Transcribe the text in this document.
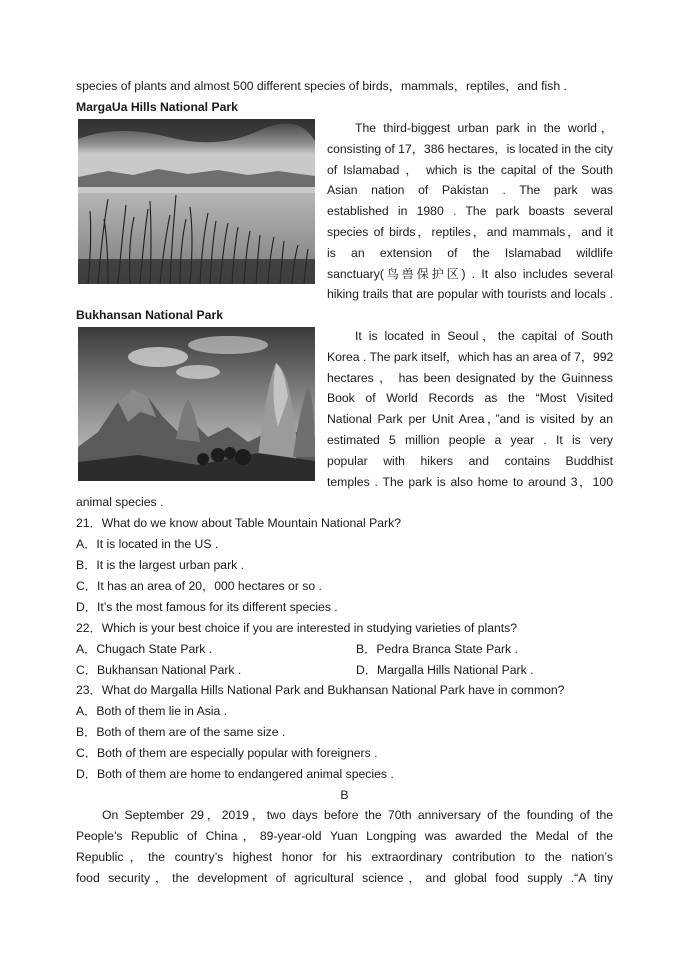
species of plants and almost 500 different species of birds，mammals，reptiles，and fish .
MargaUa Hills National Park
The third-biggest urban park in the world，
consisting of 17，386 hectares，is located in the city
of Islamabad ， which is the capital of the South
Asian nation of Pakistan . The park was
established in 1980 . The park boasts several
species of birds，reptiles，and mammals，and it
is an extension of the Islamabad wildlife
sanctuary(鸟兽保护区) . It also includes several
hiking trails that are popular with tourists and locals .
Bukhansan National Park
It is located in Seoul，the capital of South
Korea . The park itself，which has an area of 7，992
hectares ， has been designated by the Guinness
Book of World Records as the “Most Visited
National Park per Unit Area，”and is visited by an
estimated 5 million people a year . It is very
popular with hikers and contains Buddhist
temples . The park is also home to around 3，100
animal species .
21．What do we know about Table Mountain National Park?
A．It is located in the US .
B．It is the largest urban park .
C．It has an area of 20，000 hectares or so .
D．It’s the most famous for its different species .
22．Which is your best choice if you are interested in studying varieties of plants?
A．Chugach State Park .	B．Pedra Branca State Park .
C．Bukhansan National Park .	D．Margalla Hills National Park .
23．What do Margalla Hills National Park and Bukhansan National Park have in common?
A．Both of them lie in Asia .
B．Both of them are of the same size .
C．Both of them are especially popular with foreigners .
D．Both of them are home to endangered animal species .
B
On September 29，2019，two days before the 70th anniversary of the founding of the
People’s Republic of China，89-year-old Yuan Longping was awarded the Medal of the
Republic，the country’s highest honor for his extraordinary contribution to the nation’s
food security，the development of agricultural science，and global food supply .“A tiny
